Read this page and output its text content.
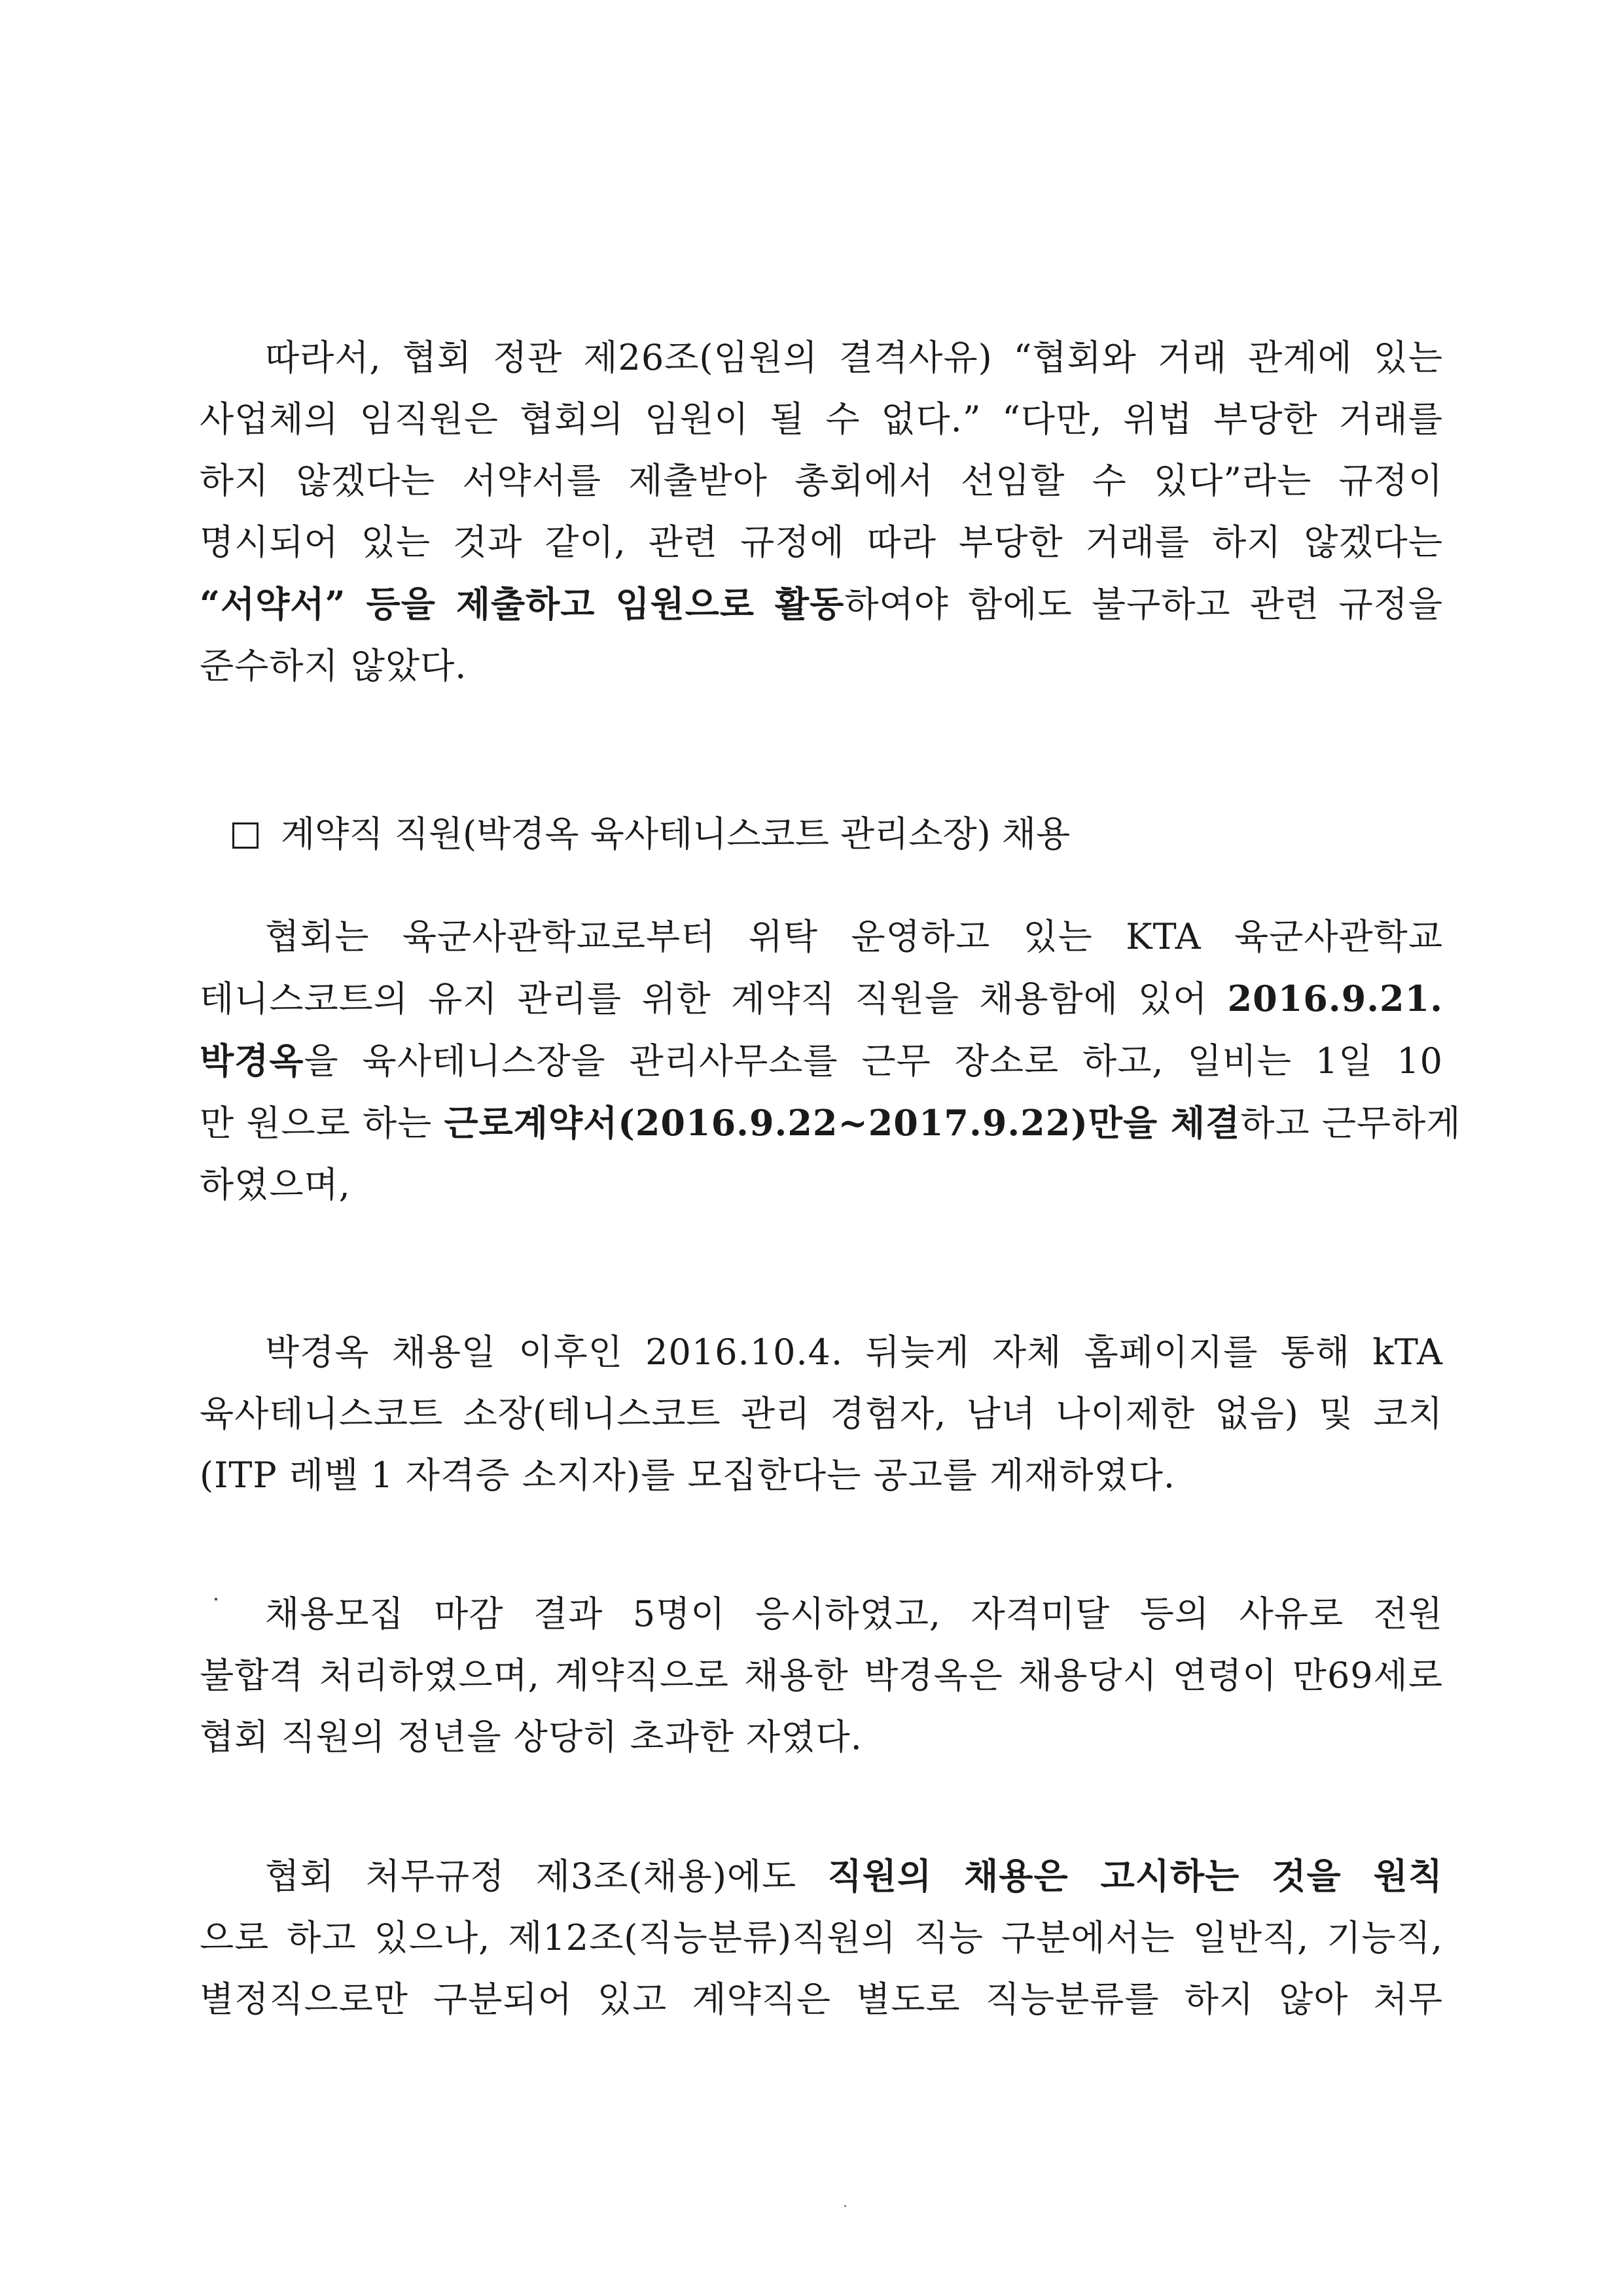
따라서, 협회 정관 제26조(임원의 결격사유) “협회와 거래 관계에 있는
사업체의 임직원은 협회의 임원이 될 수 없다.” “다만, 위법 부당한 거래를
하지 않겠다는 서약서를 제출받아 총회에서 선임할 수 있다”라는 규정이
명시되어 있는 것과 같이, 관련 규정에 따라 부당한 거래를 하지 않겠다는
“서약서” 등을 제출하고 임원으로 활동하여야 함에도 불구하고 관련 규정을
준수하지 않았다.
계약직 직원(박경옥 육사테니스코트 관리소장) 채용
협회는 육군사관학교로부터 위탁 운영하고 있는 KTA 육군사관학교
테니스코트의 유지 관리를 위한 계약직 직원을 채용함에 있어 2016.9.21.
박경옥을 육사테니스장을 관리사무소를 근무 장소로 하고, 일비는 1일 10
만 원으로 하는 근로계약서(2016.9.22~2017.9.22)만을 체결하고 근무하게
하였으며,
박경옥 채용일 이후인 2016.10.4. 뒤늦게 자체 홈페이지를 통해 kTA
육사테니스코트 소장(테니스코트 관리 경험자, 남녀 나이제한 없음) 및 코치
(ITP 레벨 1 자격증 소지자)를 모집한다는 공고를 게재하였다.
채용모집 마감 결과 5명이 응시하였고, 자격미달 등의 사유로 전원
불합격 처리하였으며, 계약직으로 채용한 박경옥은 채용당시 연령이 만69세로
협회 직원의 정년을 상당히 초과한 자였다.
협회 처무규정 제3조(채용)에도 직원의 채용은 고시하는 것을 원칙
으로 하고 있으나, 제12조(직능분류)직원의 직능 구분에서는 일반직, 기능직,
별정직으로만 구분되어 있고 계약직은 별도로 직능분류를 하지 않아 처무
